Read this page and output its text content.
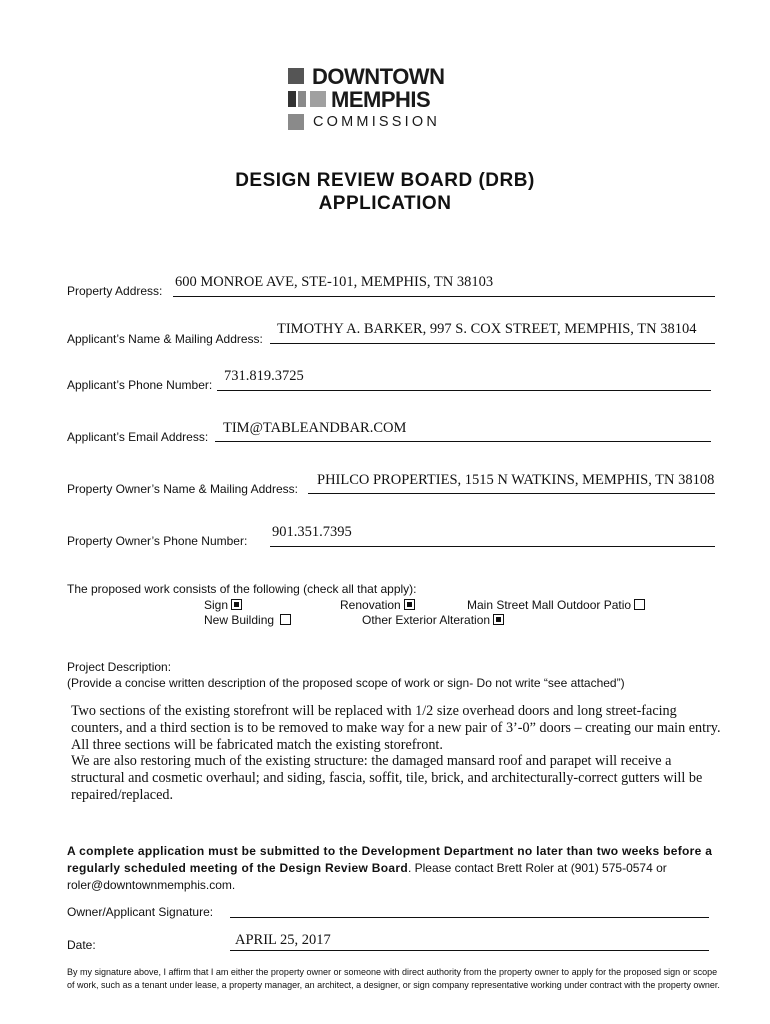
DOWNTOWN
MEMPHIS
COMMISSION
DESIGN REVIEW BOARD (DRB)
APPLICATION
Property Address:
600 MONROE AVE, STE-101, MEMPHIS, TN 38103
Applicant’s Name & Mailing Address:
TIMOTHY A. BARKER, 997 S. COX STREET, MEMPHIS, TN 38104
Applicant’s Phone Number:
731.819.3725
Applicant’s Email Address:
TIM@TABLEANDBAR.COM
Property Owner’s Name & Mailing Address:
PHILCO PROPERTIES, 1515 N WATKINS, MEMPHIS, TN 38108
Property Owner’s Phone Number:
901.351.7395
The proposed work consists of the following (check all that apply):
Sign	Renovation	Main Street Mall Outdoor Patio
New Building	Other Exterior Alteration
Project Description:
(Provide a concise written description of the proposed scope of work or sign- Do not write “see attached”)

Two sections of the existing storefront will be replaced with 1/2 size overhead doors and long street-facing

counters, and a third section is to be removed to make way for a new pair of 3’-0” doors – creating our main entry.

All three sections will be fabricated match the existing storefront.

We are also restoring much of the existing structure: the damaged mansard roof and parapet will receive a

structural and cosmetic overhaul; and siding, fascia, soffit, tile, brick, and architecturally-correct gutters will be

repaired/replaced.

A complete application must be submitted to the Development Department no later than two weeks before a regularly scheduled meeting of the Design Review Board. Please contact Brett Roler at (901) 575-0574 or roler@downtownmemphis.com.
Owner/Applicant Signature:
Date:	APRIL 25, 2017
By my signature above, I affirm that I am either the property owner or someone with direct authority from the property owner to apply for the proposed sign or scope of work, such as a tenant under lease, a property manager, an architect, a designer, or sign company representative working under contract with the property owner.
